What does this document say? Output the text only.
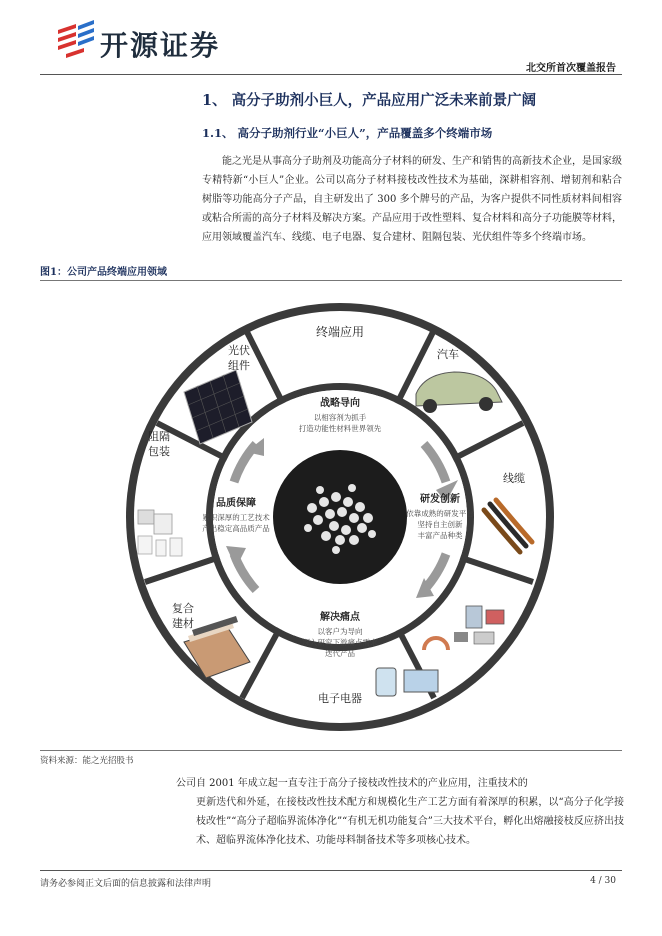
开源证券
北交所首次覆盖报告
1、 高分子助剂小巨人，产品应用广泛未来前景广阔
1.1、 高分子助剂行业“小巨人”，产品覆盖多个终端市场
能之光是从事高分子助剂及功能高分子材料的研发、生产和销售的高新技术企业，是国家级专精特新“小巨人”企业。公司以高分子材料接枝改性技术为基础，深耕相容剂、增韧剂和粘合树脂等功能高分子产品，自主研发出了 300 多个牌号的产品，为客户提供不同性质材料间相容或粘合所需的高分子材料及解决方案。产品应用于改性塑料、复合材料和高分子功能膜等材料，应用领域覆盖汽车、线缆、电子电器、复合建材、阻隔包装、光伏组件等多个终端市场。
图1：公司产品终端应用领域
终端应用
汽车
线缆
电子电器
复合 建材
阻隔 包装
光伏 组件
战略导向
以相容剂为抓手
打造功能性材料世界领先
研发创新
依靠成熟的研发平台
坚持自主创新
丰富产品种类
解决痛点
以客户为导向
深入研究下游痛点需求
迭代产品
品质保障
累积深厚的工艺技术
产出稳定高品质产品
资料来源：能之光招股书
公司自 2001 年成立起一直专注于高分子接枝改性技术的产业应用，注重技术的
更新迭代和外延，在接枝改性技术配方和规模化生产工艺方面有着深厚的积累，以“高分子化学接枝改性”“高分子超临界流体净化”“有机无机功能复合”三大技术平台，孵化出熔融接枝反应挤出技术、超临界流体净化技术、功能母料制备技术等多项核心技术。
请务必参阅正文后面的信息披露和法律声明	4 / 30
